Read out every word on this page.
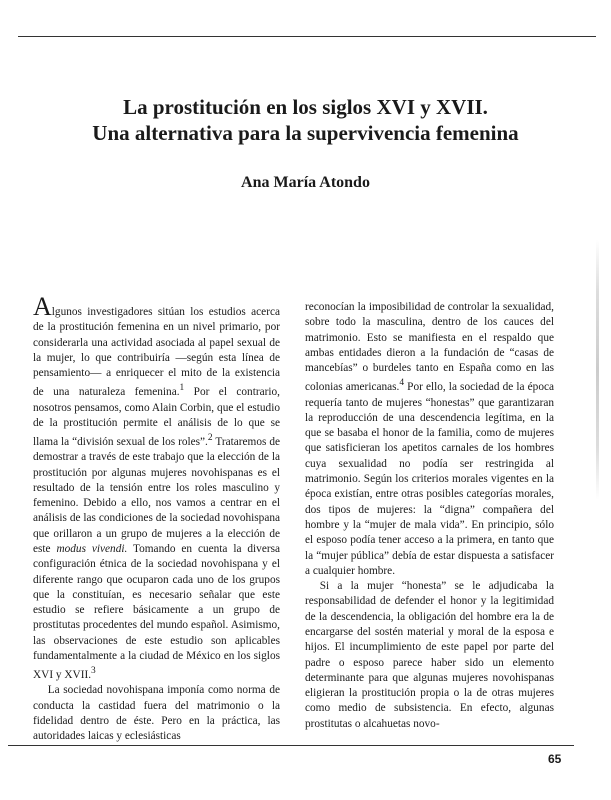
La prostitución en los siglos XVI y XVII.
Una alternativa para la supervivencia femenina
Ana María Atondo

Algunos investigadores sitúan los estudios acerca de la prostitución femenina en un nivel primario, por considerarla una actividad asociada al papel sexual de la mujer, lo que contribuiría —según esta línea de pensamiento— a enriquecer el mito de la existencia de una naturaleza femenina.$^1$ Por el contrario, nosotros pensamos, como Alain Corbin, que el estudio de la prostitución permite el análisis de lo que se llama la “división sexual de los roles”.$^2$ Trataremos de demostrar a través de este trabajo que la elección de la prostitución por algunas mujeres novohispanas es el resultado de la tensión entre los roles masculino y femenino. Debido a ello, nos vamos a centrar en el análisis de las condiciones de la sociedad novohispana que orillaron a un grupo de mujeres a la elección de este modus vivendi. Tomando en cuenta la diversa configuración étnica de la sociedad novohispana y el diferente rango que ocuparon cada uno de los grupos que la constituían, es necesario señalar que este estudio se refiere básicamente a un grupo de prostitutas procedentes del mundo español. Asimismo, las observaciones de este estudio son aplicables fundamentalmente a la ciudad de México en los siglos XVI y XVII.$^3$

La sociedad novohispana imponía como norma de conducta la castidad fuera del matrimonio o la fidelidad dentro de éste. Pero en la práctica, las autoridades laicas y eclesiásticas

reconocían la imposibilidad de controlar la sexualidad, sobre todo la masculina, dentro de los cauces del matrimonio. Esto se manifiesta en el respaldo que ambas entidades dieron a la fundación de “casas de mancebías” o burdeles tanto en España como en las colonias americanas.$^4$ Por ello, la sociedad de la época requería tanto de mujeres “honestas” que garantizaran la reproducción de una descendencia legítima, en la que se basaba el honor de la familia, como de mujeres que satisficieran los apetitos carnales de los hombres cuya sexualidad no podía ser restringida al matrimonio. Según los criterios morales vigentes en la época existían, entre otras posibles categorías morales, dos tipos de mujeres: la “digna” compañera del hombre y la “mujer de mala vida”. En principio, sólo el esposo podía tener acceso a la primera, en tanto que la “mujer pública” debía de estar dispuesta a satisfacer a cualquier hombre.

Si a la mujer “honesta” se le adjudicaba la responsabilidad de defender el honor y la legitimidad de la descendencia, la obligación del hombre era la de encargarse del sostén material y moral de la esposa e hijos. El incumplimiento de este papel por parte del padre o esposo parece haber sido un elemento determinante para que algunas mujeres novohispanas eligieran la prostitución propia o la de otras mujeres como medio de subsistencia. En efecto, algunas prostitutas o alcahuetas novo-

65
